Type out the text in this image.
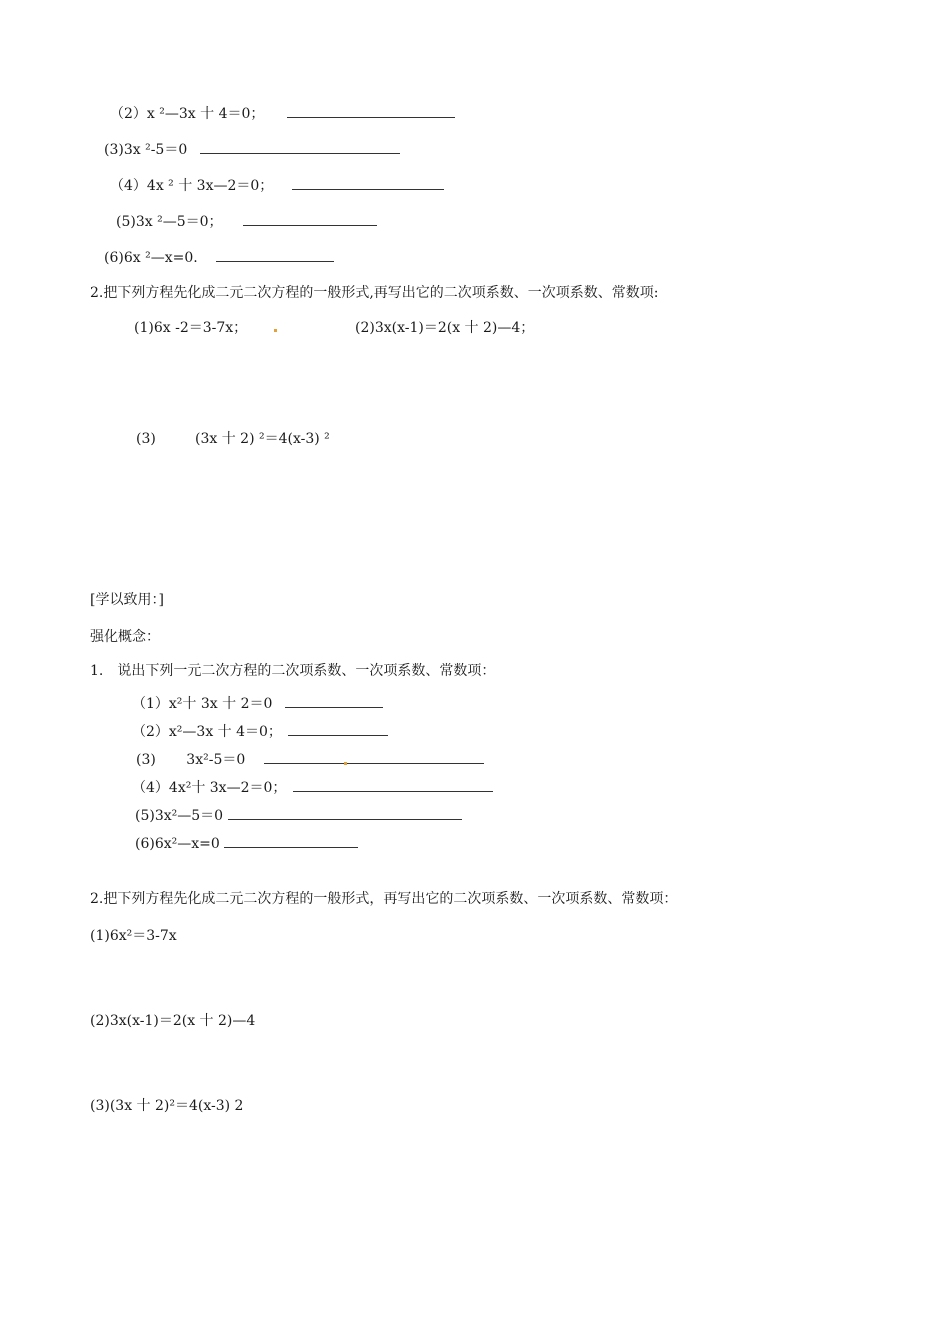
（2）x ²—3x 十 4＝0；
(3)3x ²-5＝0
（4）4x ² 十 3x—2＝0；
(5)3x ²—5＝0；
(6)6x ²—x=0.
2.把下列方程先化成二元二次方程的一般形式,再写出它的二次项系数、一次项系数、常数项:
(1)6x -2＝3-7x；	(2)3x(x-1)＝2(x 十 2)—4；
(3)	(3x 十 2) ²＝4(x-3) ²
[学以致用：]
强化概念：
1.　说出下列一元二次方程的二次项系数、一次项系数、常数项：
（1）x²十 3x 十 2＝0
（2）x²—3x 十 4＝0；
(3) 3x²-5＝0
（4）4x²十 3x—2＝0；
(5)3x²—5＝0
(6)6x²—x=0
2.把下列方程先化成二元二次方程的一般形式，再写出它的二次项系数、一次项系数、常数项：
(1)6x²＝3-7x
(2)3x(x-1)＝2(x 十 2)—4
(3)(3x 十 2)²＝4(x-3) 2
